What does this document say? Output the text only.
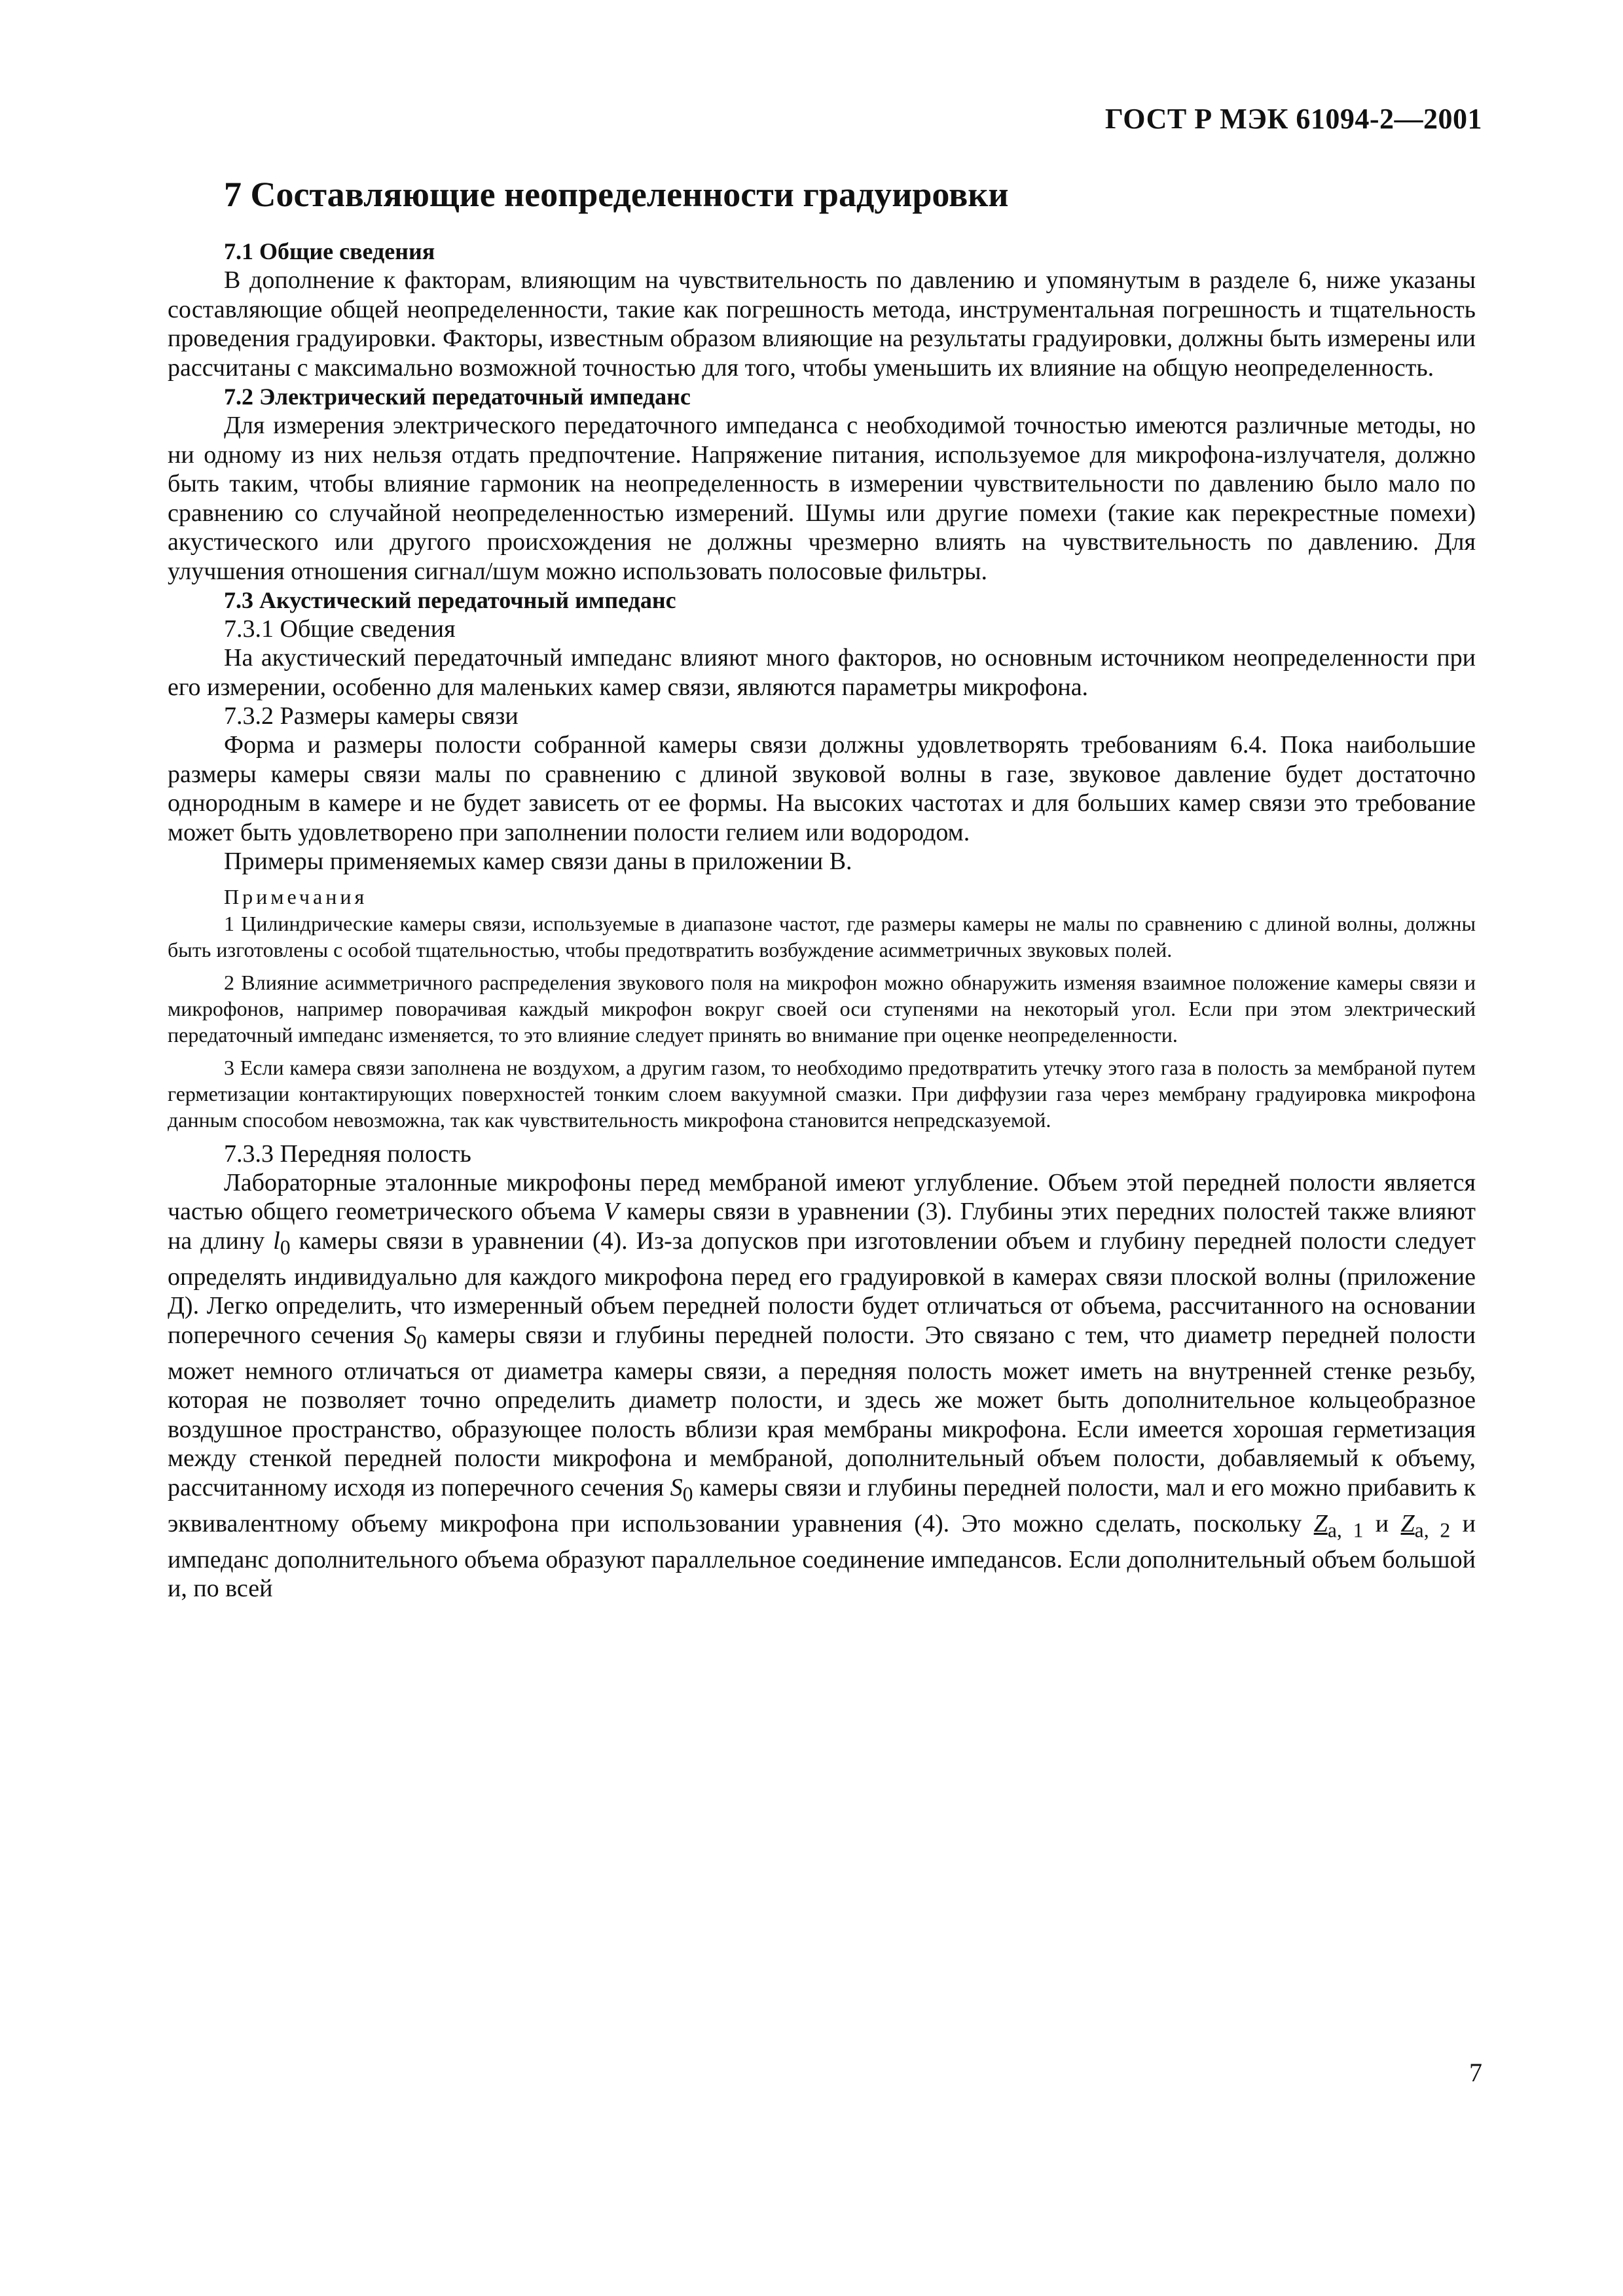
ГОСТ Р МЭК 61094-2—2001
7 Составляющие неопределенности градуировки
7.1 Общие сведения

В дополнение к факторам, влияющим на чувствительность по давлению и упомянутым в разделе 6, ниже указаны составляющие общей неопределенности, такие как погрешность метода, инструментальная погрешность и тщательность проведения градуировки. Факторы, известным образом влияющие на результаты градуировки, должны быть измерены или рассчитаны с максимально возможной точностью для того, чтобы уменьшить их влияние на общую неопределенность.

7.2 Электрический передаточный импеданс

Для измерения электрического передаточного импеданса с необходимой точностью имеются различные методы, но ни одному из них нельзя отдать предпочтение. Напряжение питания, используемое для микрофона-излучателя, должно быть таким, чтобы влияние гармоник на неопределенность в измерении чувствительности по давлению было мало по сравнению со случайной неопределенностью измерений. Шумы или другие помехи (такие как перекрестные помехи) акустического или другого происхождения не должны чрезмерно влиять на чувствительность по давлению. Для улучшения отношения сигнал/шум можно использовать полосовые фильтры.

7.3 Акустический передаточный импеданс
7.3.1 Общие сведения

На акустический передаточный импеданс влияют много факторов, но основным источником неопределенности при его измерении, особенно для маленьких камер связи, являются параметры микрофона.

7.3.2 Размеры камеры связи

Форма и размеры полости собранной камеры связи должны удовлетворять требованиям 6.4. Пока наибольшие размеры камеры связи малы по сравнению с длиной звуковой волны в газе, звуковое давление будет достаточно однородным в камере и не будет зависеть от ее формы. На высоких частотах и для больших камер связи это требование может быть удовлетворено при заполнении полости гелием или водородом.

Примеры применяемых камер связи даны в приложении В.

Примечания

1 Цилиндрические камеры связи, используемые в диапазоне частот, где размеры камеры не малы по сравнению с длиной волны, должны быть изготовлены с особой тщательностью, чтобы предотвратить возбуждение асимметричных звуковых полей.

2 Влияние асимметричного распределения звукового поля на микрофон можно обнаружить изменяя взаимное положение камеры связи и микрофонов, например поворачивая каждый микрофон вокруг своей оси ступенями на некоторый угол. Если при этом электрический передаточный импеданс изменяется, то это влияние следует принять во внимание при оценке неопределенности.

3 Если камера связи заполнена не воздухом, а другим газом, то необходимо предотвратить утечку этого газа в полость за мембраной путем герметизации контактирующих поверхностей тонким слоем вакуумной смазки. При диффузии газа через мембрану градуировка микрофона данным способом невозможна, так как чувствительность микрофона становится непредсказуемой.

7.3.3 Передняя полость

Лабораторные эталонные микрофоны перед мембраной имеют углубление. Объем этой передней полости является частью общего геометрического объема V камеры связи в уравнении (3). Глубины этих передних полостей также влияют на длину $l_0$ камеры связи в уравнении (4). Из-за допусков при изготовлении объем и глубину передней полости следует определять индивидуально для каждого микрофона перед его градуировкой в камерах связи плоской волны (приложение Д). Легко определить, что измеренный объем передней полости будет отличаться от объема, рассчитанного на основании поперечного сечения $S_0$ камеры связи и глубины передней полости. Это связано с тем, что диаметр передней полости может немного отличаться от диаметра камеры связи, а передняя полость может иметь на внутренней стенке резьбу, которая не позволяет точно определить диаметр полости, и здесь же может быть дополнительное кольцеобразное воздушное пространство, образующее полость вблизи края мембраны микрофона. Если имеется хорошая герметизация между стенкой передней полости микрофона и мембраной, дополнительный объем полости, добавляемый к объему, рассчитанному исходя из поперечного сечения $S_0$ камеры связи и глубины передней полости, мал и его можно прибавить к эквивалентному объему микрофона при использовании уравнения (4). Это можно сделать, поскольку $Z_{a, 1}$ и $Z_{a, 2}$ и импеданс дополнительного объема образуют параллельное соединение импедансов. Если дополнительный объем большой и, по всей

7
